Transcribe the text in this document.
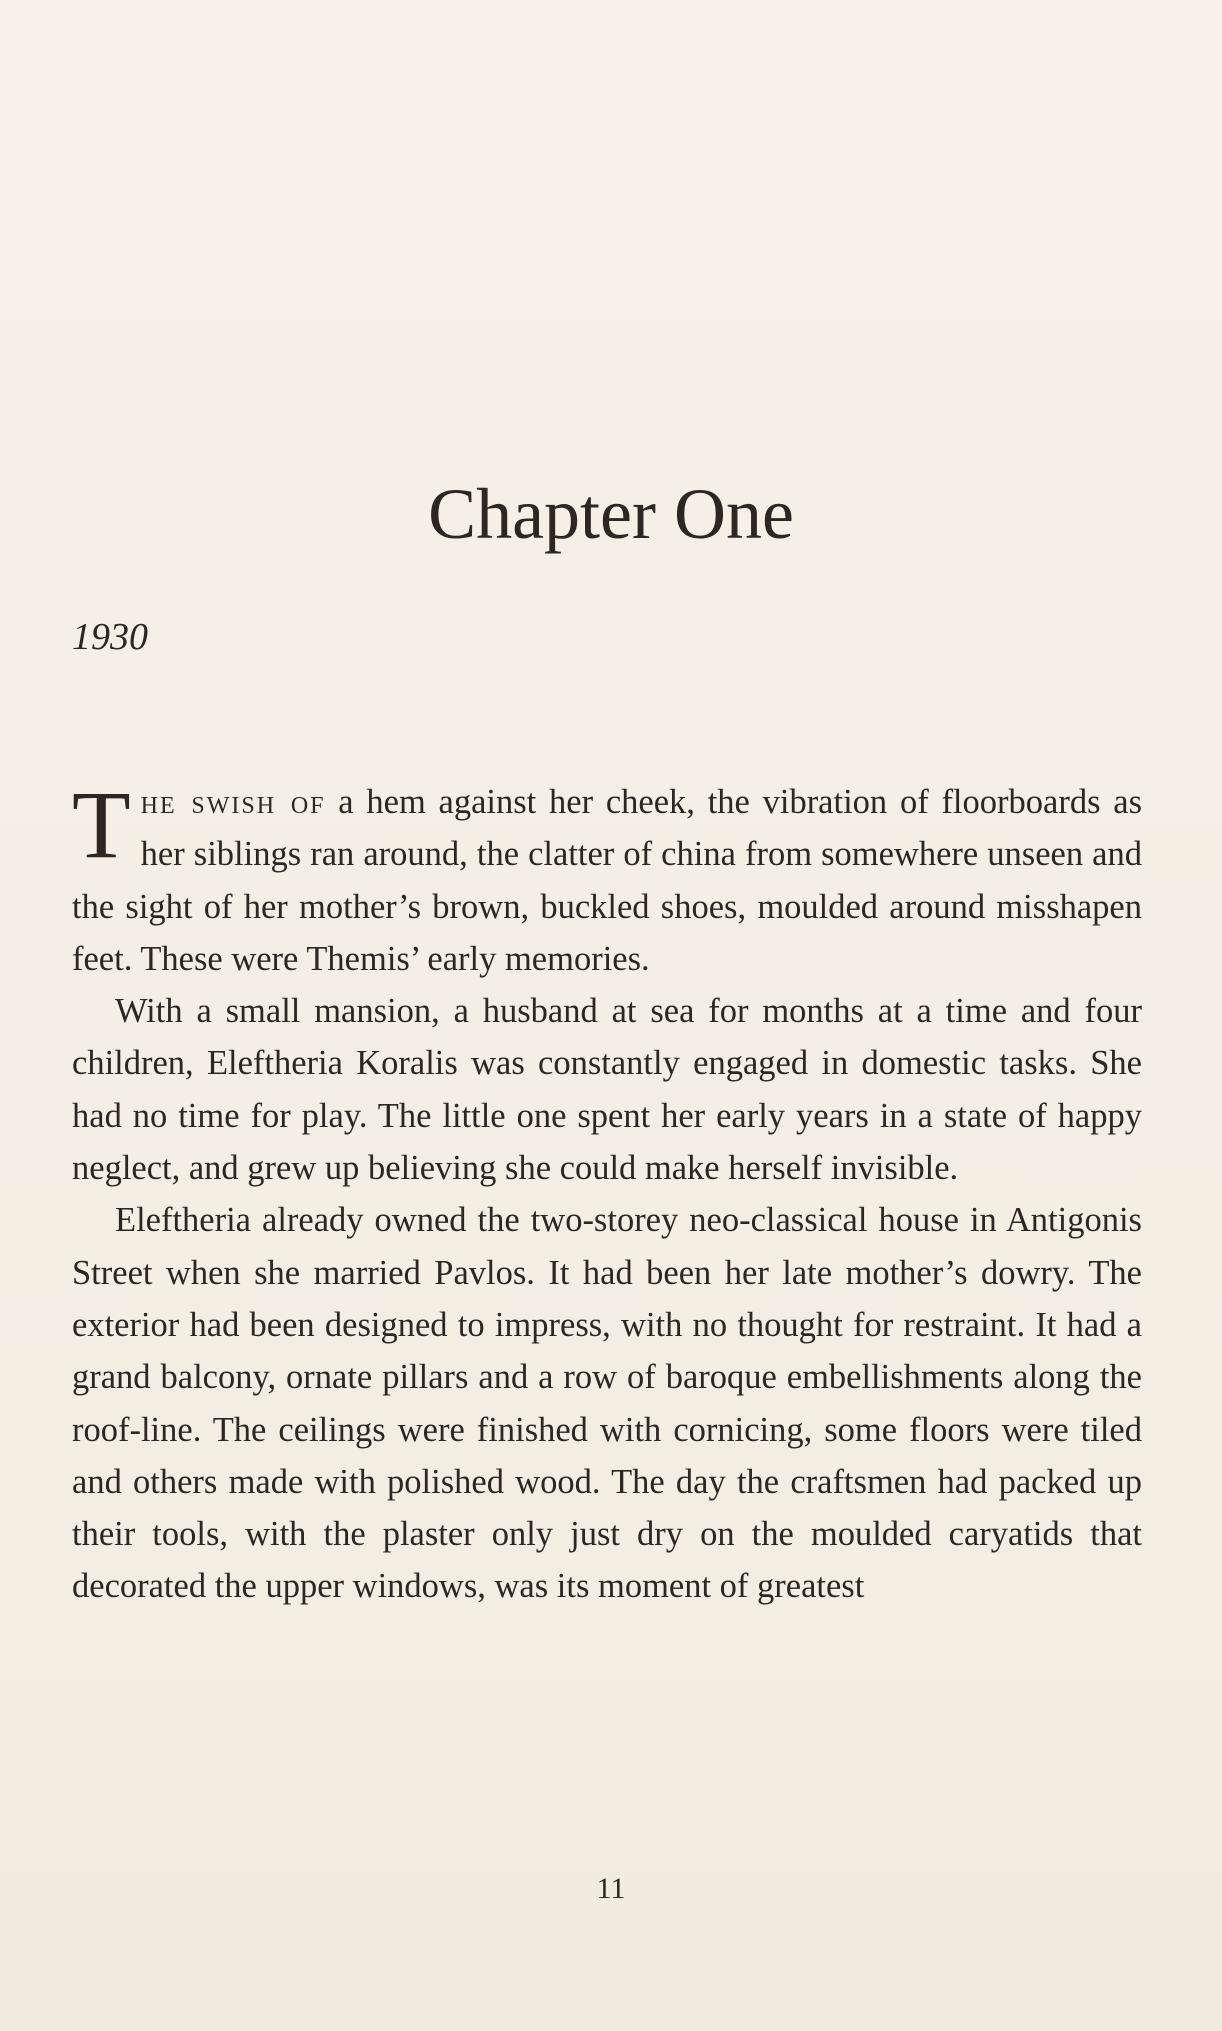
Chapter One
1930

The swish of a hem against her cheek, the vibration of floorboards as her siblings ran around, the clatter of china from somewhere unseen and the sight of her mother’s brown, buckled shoes, moulded around misshapen feet. These were Themis’ early memories.

With a small mansion, a husband at sea for months at a time and four children, Eleftheria Koralis was constantly engaged in domestic tasks. She had no time for play. The little one spent her early years in a state of happy neglect, and grew up believing she could make herself invisible.

Eleftheria already owned the two-storey neo-classical house in Antigonis Street when she married Pavlos. It had been her late mother’s dowry. The exterior had been designed to impress, with no thought for restraint. It had a grand balcony, ornate pillars and a row of baroque embellishments along the roof-line. The ceilings were finished with cornicing, some floors were tiled and others made with polished wood. The day the craftsmen had packed up their tools, with the plaster only just dry on the moulded caryatids that decorated the upper windows, was its moment of greatest

11
